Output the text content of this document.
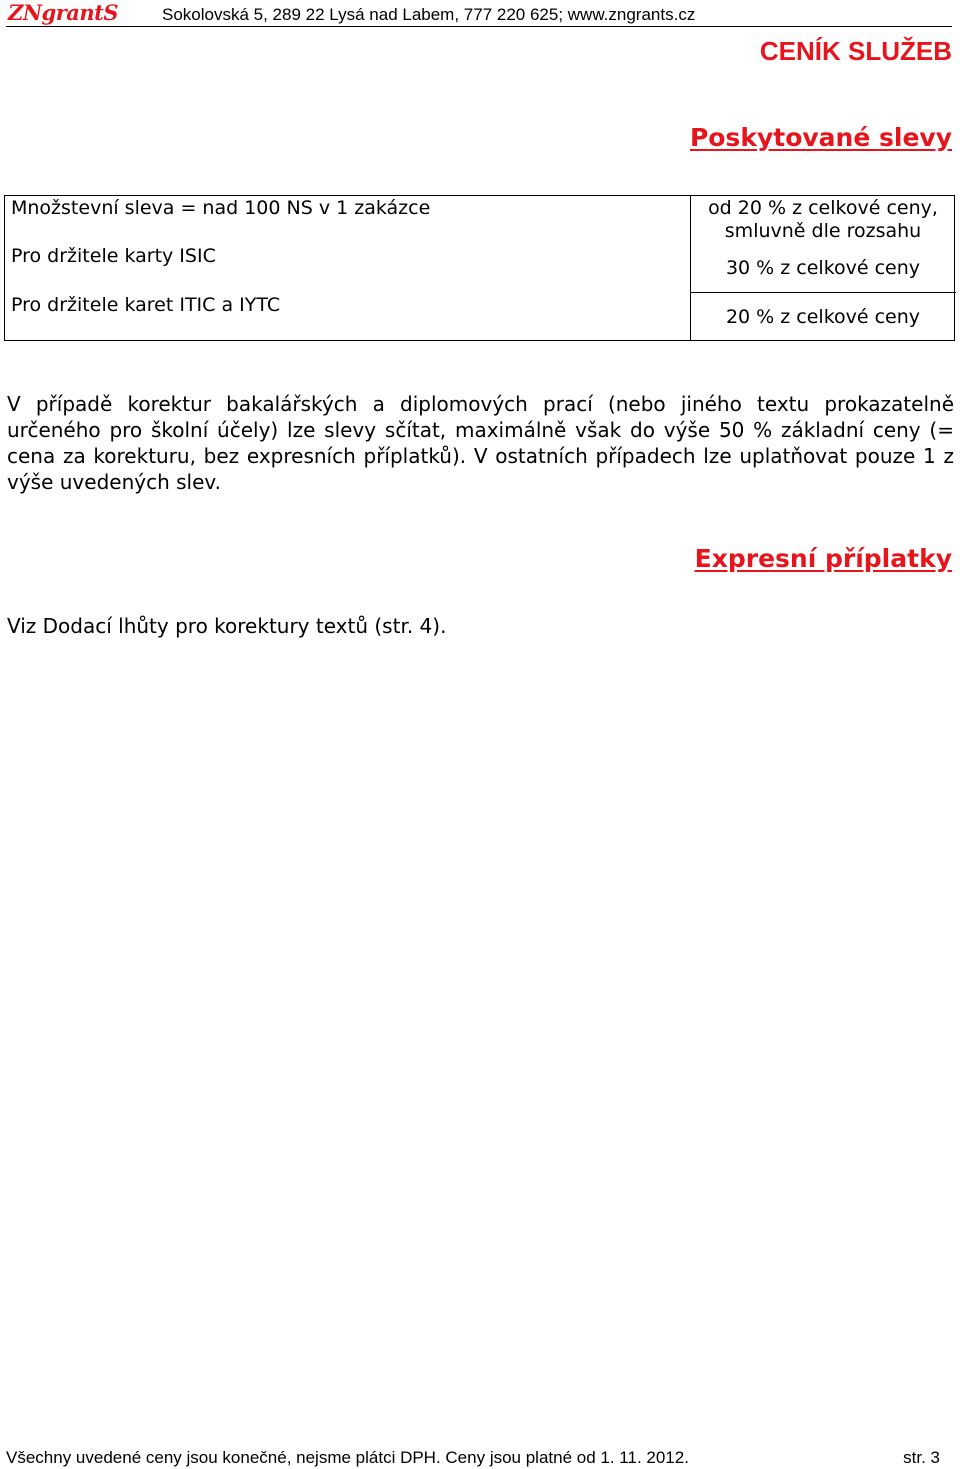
ZNgrantS	Sokolovská 5, 289 22 Lysá nad Labem, 777 220 625; www.zngrants.cz
CENÍK SLUŽEB
Poskytované slevy
Množstevní sleva = nad 100 NS v 1 zakázce
Pro držitele karty ISIC
Pro držitele karet ITIC a IYTC
od 20 % z celkové ceny,
smluvně dle rozsahu
30 % z celkové ceny
20 % z celkové ceny
V případě korektur bakalářských a diplomových prací (nebo jiného textu prokazatelně určeného pro školní účely) lze slevy sčítat, maximálně však do výše 50 % základní ceny (= cena za korekturu, bez expresních příplatků). V ostatních případech lze uplatňovat pouze 1 z výše uvedených slev.
Expresní příplatky
Viz Dodací lhůty pro korektury textů (str. 4).
Všechny uvedené ceny jsou konečné, nejsme plátci DPH. Ceny jsou platné od 1. 11. 2012.	str. 3
